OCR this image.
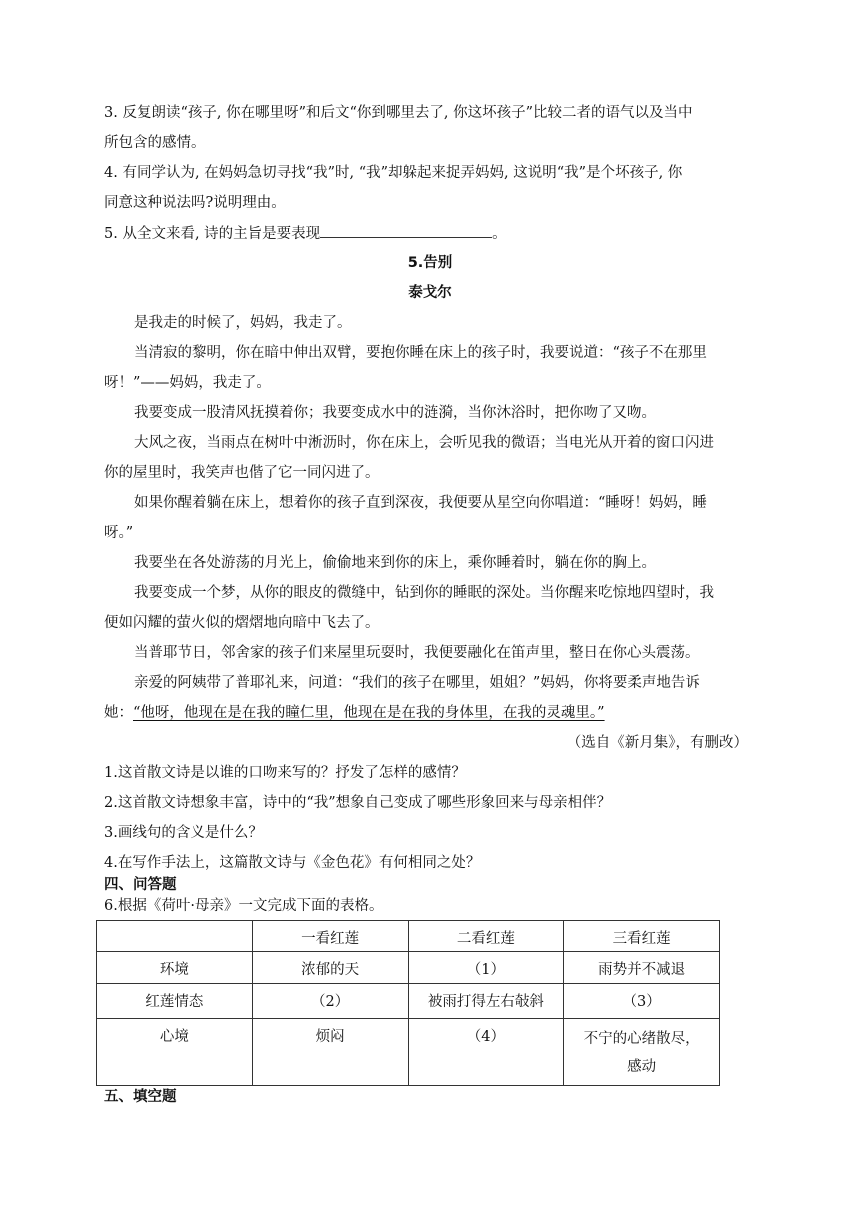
3. 反复朗读“孩子, 你在哪里呀”和后文“你到哪里去了, 你这坏孩子”比较二者的语气以及当中
所包含的感情。
4. 有同学认为, 在妈妈急切寻找“我”时, “我”却躲起来捉弄妈妈, 这说明“我”是个坏孩子, 你
同意这种说法吗?说明理由。
5. 从全文来看, 诗的主旨是要表现	。
5.告别
泰戈尔
是我走的时候了，妈妈，我走了。
当清寂的黎明，你在暗中伸出双臂，要抱你睡在床上的孩子时，我要说道：“孩子不在那里
呀！”——妈妈，我走了。
我要变成一股清风抚摸着你；我要变成水中的涟漪，当你沐浴时，把你吻了又吻。
大风之夜，当雨点在树叶中淅沥时，你在床上，会听见我的微语；当电光从开着的窗口闪进
你的屋里时，我笑声也偕了它一同闪进了。
如果你醒着躺在床上，想着你的孩子直到深夜，我便要从星空向你唱道：“睡呀！妈妈，睡
呀。”
我要坐在各处游荡的月光上，偷偷地来到你的床上，乘你睡着时，躺在你的胸上。
我要变成一个梦，从你的眼皮的微缝中，钻到你的睡眠的深处。当你醒来吃惊地四望时，我
便如闪耀的萤火似的熠熠地向暗中飞去了。
当普耶节日，邻舍家的孩子们来屋里玩耍时，我便要融化在笛声里，整日在你心头震荡。
亲爱的阿姨带了普耶礼来，问道：“我们的孩子在哪里，姐姐？”妈妈，你将要柔声地告诉
她：“他呀，他现在是在我的瞳仁里，他现在是在我的身体里，在我的灵魂里。”
（选自《新月集》，有删改）
1.这首散文诗是以谁的口吻来写的？抒发了怎样的感情？
2.这首散文诗想象丰富，诗中的“我”想象自己变成了哪些形象回来与母亲相伴？
3.画线句的含义是什么？
4.在写作手法上，这篇散文诗与《金色花》有何相同之处？
四、问答题
6.根据《荷叶·母亲》一文完成下面的表格。
	一看红莲	二看红莲	三看红莲
环境	浓郁的天	（1）	雨势并不减退
红莲情态	（2）	被雨打得左右敧斜	（3）
心境	烦闷	（4）	不宁的心绪散尽，
感动
五、填空题
